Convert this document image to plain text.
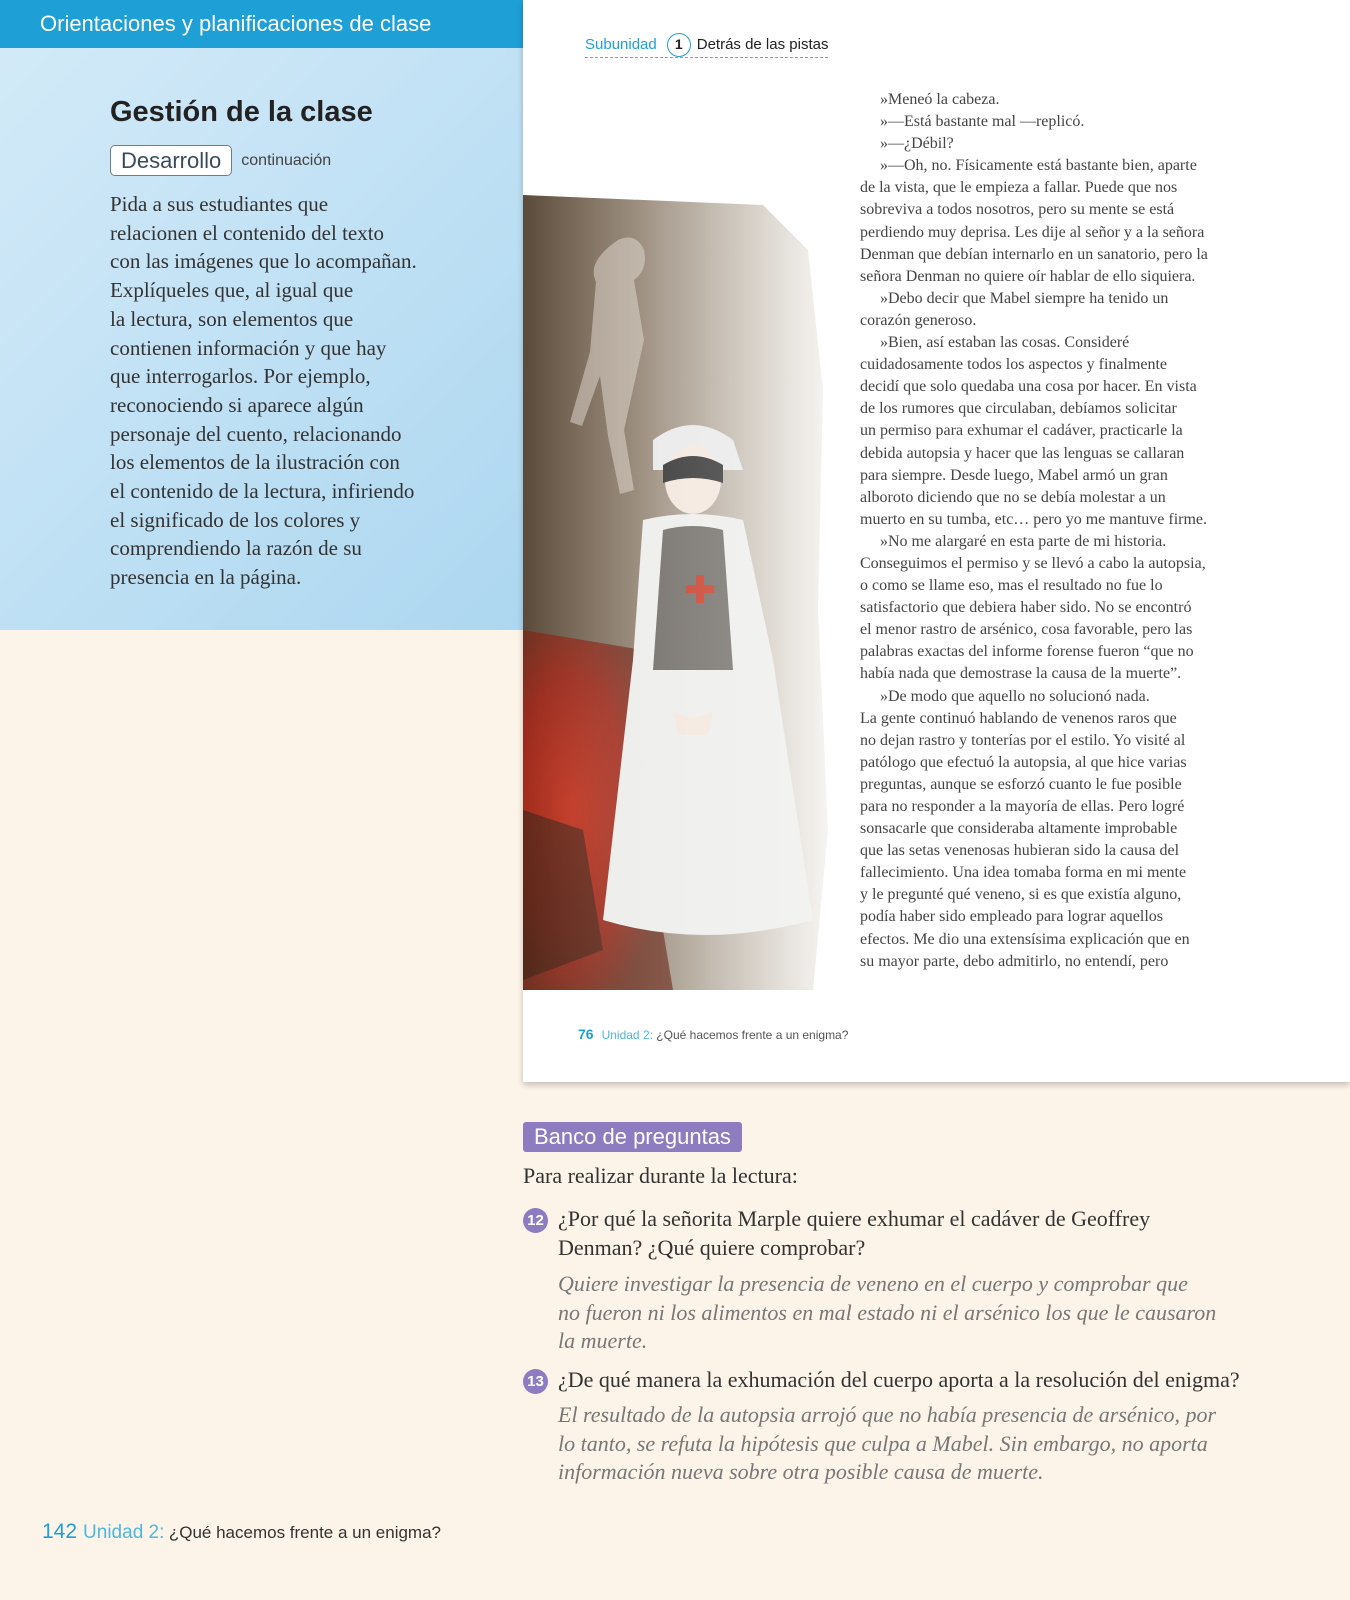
Orientaciones y planificaciones de clase
Gestión de la clase
Desarrollo continuación
Pida a sus estudiantes que
relacionen el contenido del texto
con las imágenes que lo acompañan.
Explíqueles que, al igual que
la lectura, son elementos que
contienen información y que hay
que interrogarlos. Por ejemplo,
reconociendo si aparece algún
personaje del cuento, relacionando
los elementos de la ilustración con
el contenido de la lectura, infiriendo
el significado de los colores y
comprendiendo la razón de su
presencia en la página.
Subunidad 1 Detrás de las pistas
»Meneó la cabeza.
»—Está bastante mal —replicó.
»—¿Débil?
»—Oh, no. Físicamente está bastante bien, aparte
de la vista, que le empieza a fallar. Puede que nos
sobreviva a todos nosotros, pero su mente se está
perdiendo muy deprisa. Les dije al señor y a la señora
Denman que debían internarlo en un sanatorio, pero la
señora Denman no quiere oír hablar de ello siquiera.
»Debo decir que Mabel siempre ha tenido un
corazón generoso.
»Bien, así estaban las cosas. Consideré
cuidadosamente todos los aspectos y finalmente
decidí que solo quedaba una cosa por hacer. En vista
de los rumores que circulaban, debíamos solicitar
un permiso para exhumar el cadáver, practicarle la
debida autopsia y hacer que las lenguas se callaran
para siempre. Desde luego, Mabel armó un gran
alboroto diciendo que no se debía molestar a un
muerto en su tumba, etc… pero yo me mantuve firme.
»No me alargaré en esta parte de mi historia.
Conseguimos el permiso y se llevó a cabo la autopsia,
o como se llame eso, mas el resultado no fue lo
satisfactorio que debiera haber sido. No se encontró
el menor rastro de arsénico, cosa favorable, pero las
palabras exactas del informe forense fueron “que no
había nada que demostrase la causa de la muerte”.
»De modo que aquello no solucionó nada.
La gente continuó hablando de venenos raros que
no dejan rastro y tonterías por el estilo. Yo visité al
patólogo que efectuó la autopsia, al que hice varias
preguntas, aunque se esforzó cuanto le fue posible
para no responder a la mayoría de ellas. Pero logré
sonsacarle que consideraba altamente improbable
que las setas venenosas hubieran sido la causa del
fallecimiento. Una idea tomaba forma en mi mente
y le pregunté qué veneno, si es que existía alguno,
podía haber sido empleado para lograr aquellos
efectos. Me dio una extensísima explicación que en
su mayor parte, debo admitirlo, no entendí, pero
76 Unidad 2: ¿Qué hacemos frente a un enigma?
Banco de preguntas
Para realizar durante la lectura:
12 ¿Por qué la señorita Marple quiere exhumar el cadáver de Geoffrey
Denman? ¿Qué quiere comprobar?
Quiere investigar la presencia de veneno en el cuerpo y comprobar que
no fueron ni los alimentos en mal estado ni el arsénico los que le causaron
la muerte.
13 ¿De qué manera la exhumación del cuerpo aporta a la resolución del enigma?
El resultado de la autopsia arrojó que no había presencia de arsénico, por
lo tanto, se refuta la hipótesis que culpa a Mabel. Sin embargo, no aporta
información nueva sobre otra posible causa de muerte.
142 Unidad 2: ¿Qué hacemos frente a un enigma?
